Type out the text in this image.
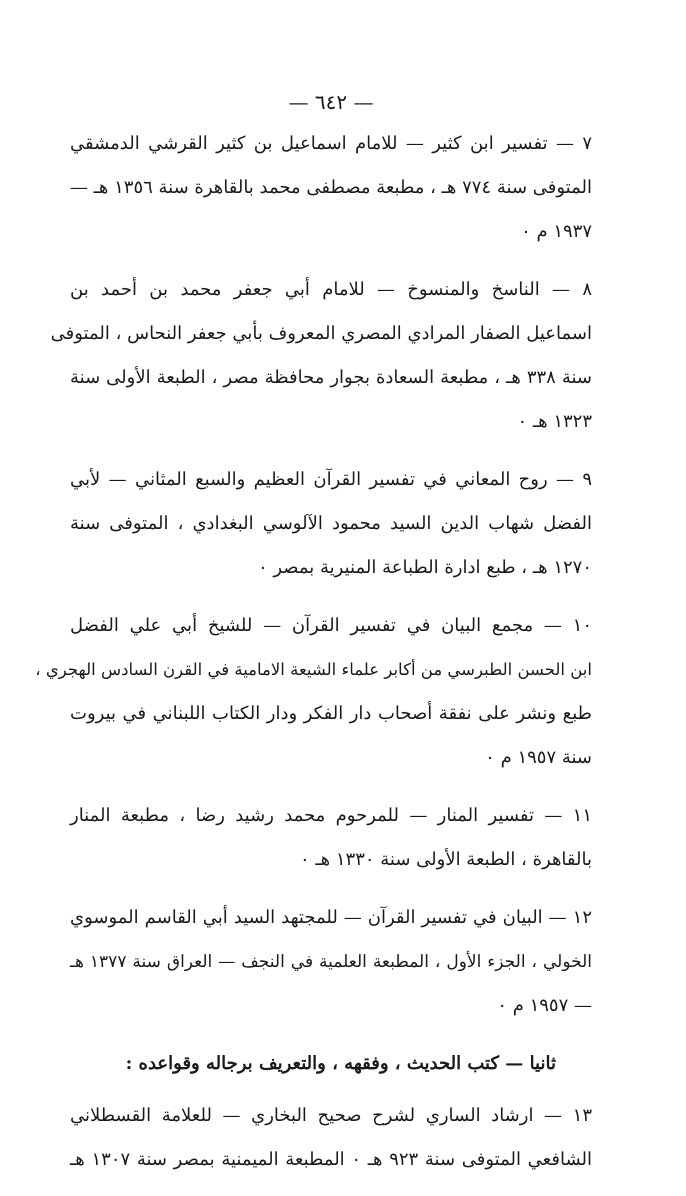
— ٦٤٢ —
٧ — تفسير ابن كثير — للامام اسماعيل بن كثير القرشي الدمشقي
المتوفى سنة ٧٧٤ هـ ، مطبعة مصطفى محمد بالقاهرة سنة ١٣٥٦ هـ —
١٩٣٧ م ٠
٨ — الناسخ والمنسوخ — للامام أبي جعفر محمد بن أحمد بن
اسماعيل الصفار المرادي المصري المعروف بأبي جعفر النحاس ، المتوفى
سنة ٣٣٨ هـ ، مطبعة السعادة بجوار محافظة مصر ، الطبعة الأولى سنة
١٣٢٣ هـ ٠
٩ — روح المعاني في تفسير القرآن العظيم والسبع المثاني — لأبي
الفضل شهاب الدين السيد محمود الآلوسي البغدادي ، المتوفى سنة
١٢٧٠ هـ ، طبع ادارة الطباعة المنيرية بمصر ٠
١٠ — مجمع البيان في تفسير القرآن — للشيخ أبي علي الفضل
ابن الحسن الطبرسي من أكابر علماء الشيعة الامامية في القرن السادس الهجري ،
طبع ونشر على نفقة أصحاب دار الفكر ودار الكتاب اللبناني في بيروت
سنة ١٩٥٧ م ٠
١١ — تفسير المنار — للمرحوم محمد رشيد رضا ، مطبعة المنار
بالقاهرة ، الطبعة الأولى سنة ١٣٣٠ هـ ٠
١٢ — البيان في تفسير القرآن — للمجتهد السيد أبي القاسم الموسوي
الخولي ، الجزء الأول ، المطبعة العلمية في النجف — العراق سنة ١٣٧٧ هـ
— ١٩٥٧ م ٠
ثانيا — كتب الحديث ، وفقهه ، والتعريف برجاله وقواعده :
١٣ — ارشاد الساري لشرح صحيح البخاري — للعلامة القسطلاني
الشافعي المتوفى سنة ٩٢٣ هـ ٠ المطبعة الميمنية بمصر سنة ١٣٠٧ هـ
